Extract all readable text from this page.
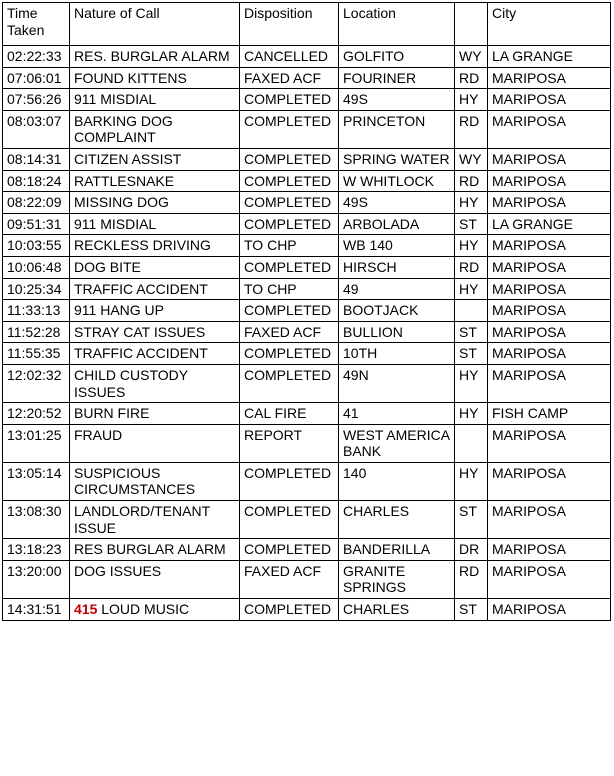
Time Taken	Nature of Call	Disposition	Location		City
02:22:33	RES. BURGLAR ALARM	CANCELLED	GOLFITO	WY	LA GRANGE
07:06:01	FOUND KITTENS	FAXED ACF	FOURINER	RD	MARIPOSA
07:56:26	911 MISDIAL	COMPLETED	49S	HY	MARIPOSA
08:03:07	BARKING DOG COMPLAINT	COMPLETED	PRINCETON	RD	MARIPOSA
08:14:31	CITIZEN ASSIST	COMPLETED	SPRING WATER	WY	MARIPOSA
08:18:24	RATTLESNAKE	COMPLETED	W WHITLOCK	RD	MARIPOSA
08:22:09	MISSING DOG	COMPLETED	49S	HY	MARIPOSA
09:51:31	911 MISDIAL	COMPLETED	ARBOLADA	ST	LA GRANGE
10:03:55	RECKLESS DRIVING	TO CHP	WB 140	HY	MARIPOSA
10:06:48	DOG BITE	COMPLETED	HIRSCH	RD	MARIPOSA
10:25:34	TRAFFIC ACCIDENT	TO CHP	49	HY	MARIPOSA
11:33:13	911 HANG UP	COMPLETED	BOOTJACK		MARIPOSA
11:52:28	STRAY CAT ISSUES	FAXED ACF	BULLION	ST	MARIPOSA
11:55:35	TRAFFIC ACCIDENT	COMPLETED	10TH	ST	MARIPOSA
12:02:32	CHILD CUSTODY ISSUES	COMPLETED	49N	HY	MARIPOSA
12:20:52	BURN FIRE	CAL FIRE	41	HY	FISH CAMP
13:01:25	FRAUD	REPORT	WEST AMERICA BANK		MARIPOSA
13:05:14	SUSPICIOUS CIRCUMSTANCES	COMPLETED	140	HY	MARIPOSA
13:08:30	LANDLORD/TENANT ISSUE	COMPLETED	CHARLES	ST	MARIPOSA
13:18:23	RES BURGLAR ALARM	COMPLETED	BANDERILLA	DR	MARIPOSA
13:20:00	DOG ISSUES	FAXED ACF	GRANITE SPRINGS	RD	MARIPOSA
14:31:51	415 LOUD MUSIC	COMPLETED	CHARLES	ST	MARIPOSA
